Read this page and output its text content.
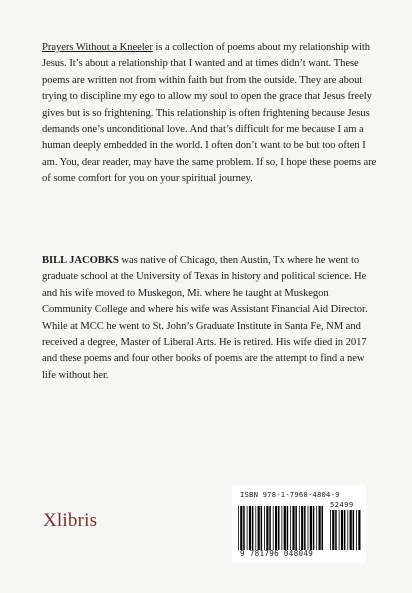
Prayers Without a Kneeler is a collection of poems about my relationship with Jesus. It’s about a relationship that I wanted and at times didn’t want. These poems are written not from within faith but from the outside. They are about trying to discipline my ego to allow my soul to open the grace that Jesus freely gives but is so frightening. This relationship is often frightening because Jesus demands one’s unconditional love. And that’s difficult for me because I am a human deeply embedded in the world. I often don’t want to be but too often I am. You, dear reader, may have the same problem. If so, I hope these poems are of some comfort for you on your spiritual journey.

BILL JACOBKS was native of Chicago, then Austin, Tx where he went to graduate school at the University of Texas in history and political science. He and his wife moved to Muskegon, Mi. where he taught at Muskegon Community College and where his wife was Assistant Financial Aid Director. While at MCC he went to St. John’s Graduate Institute in Santa Fe, NM and received a degree, Master of Liberal Arts. He is retired. His wife died in 2017 and these poems and four other books of poems are the attempt to find a new life without her.

Xlibris
ISBN 978-1-7960-4804-9
52499
9 781796 048049
